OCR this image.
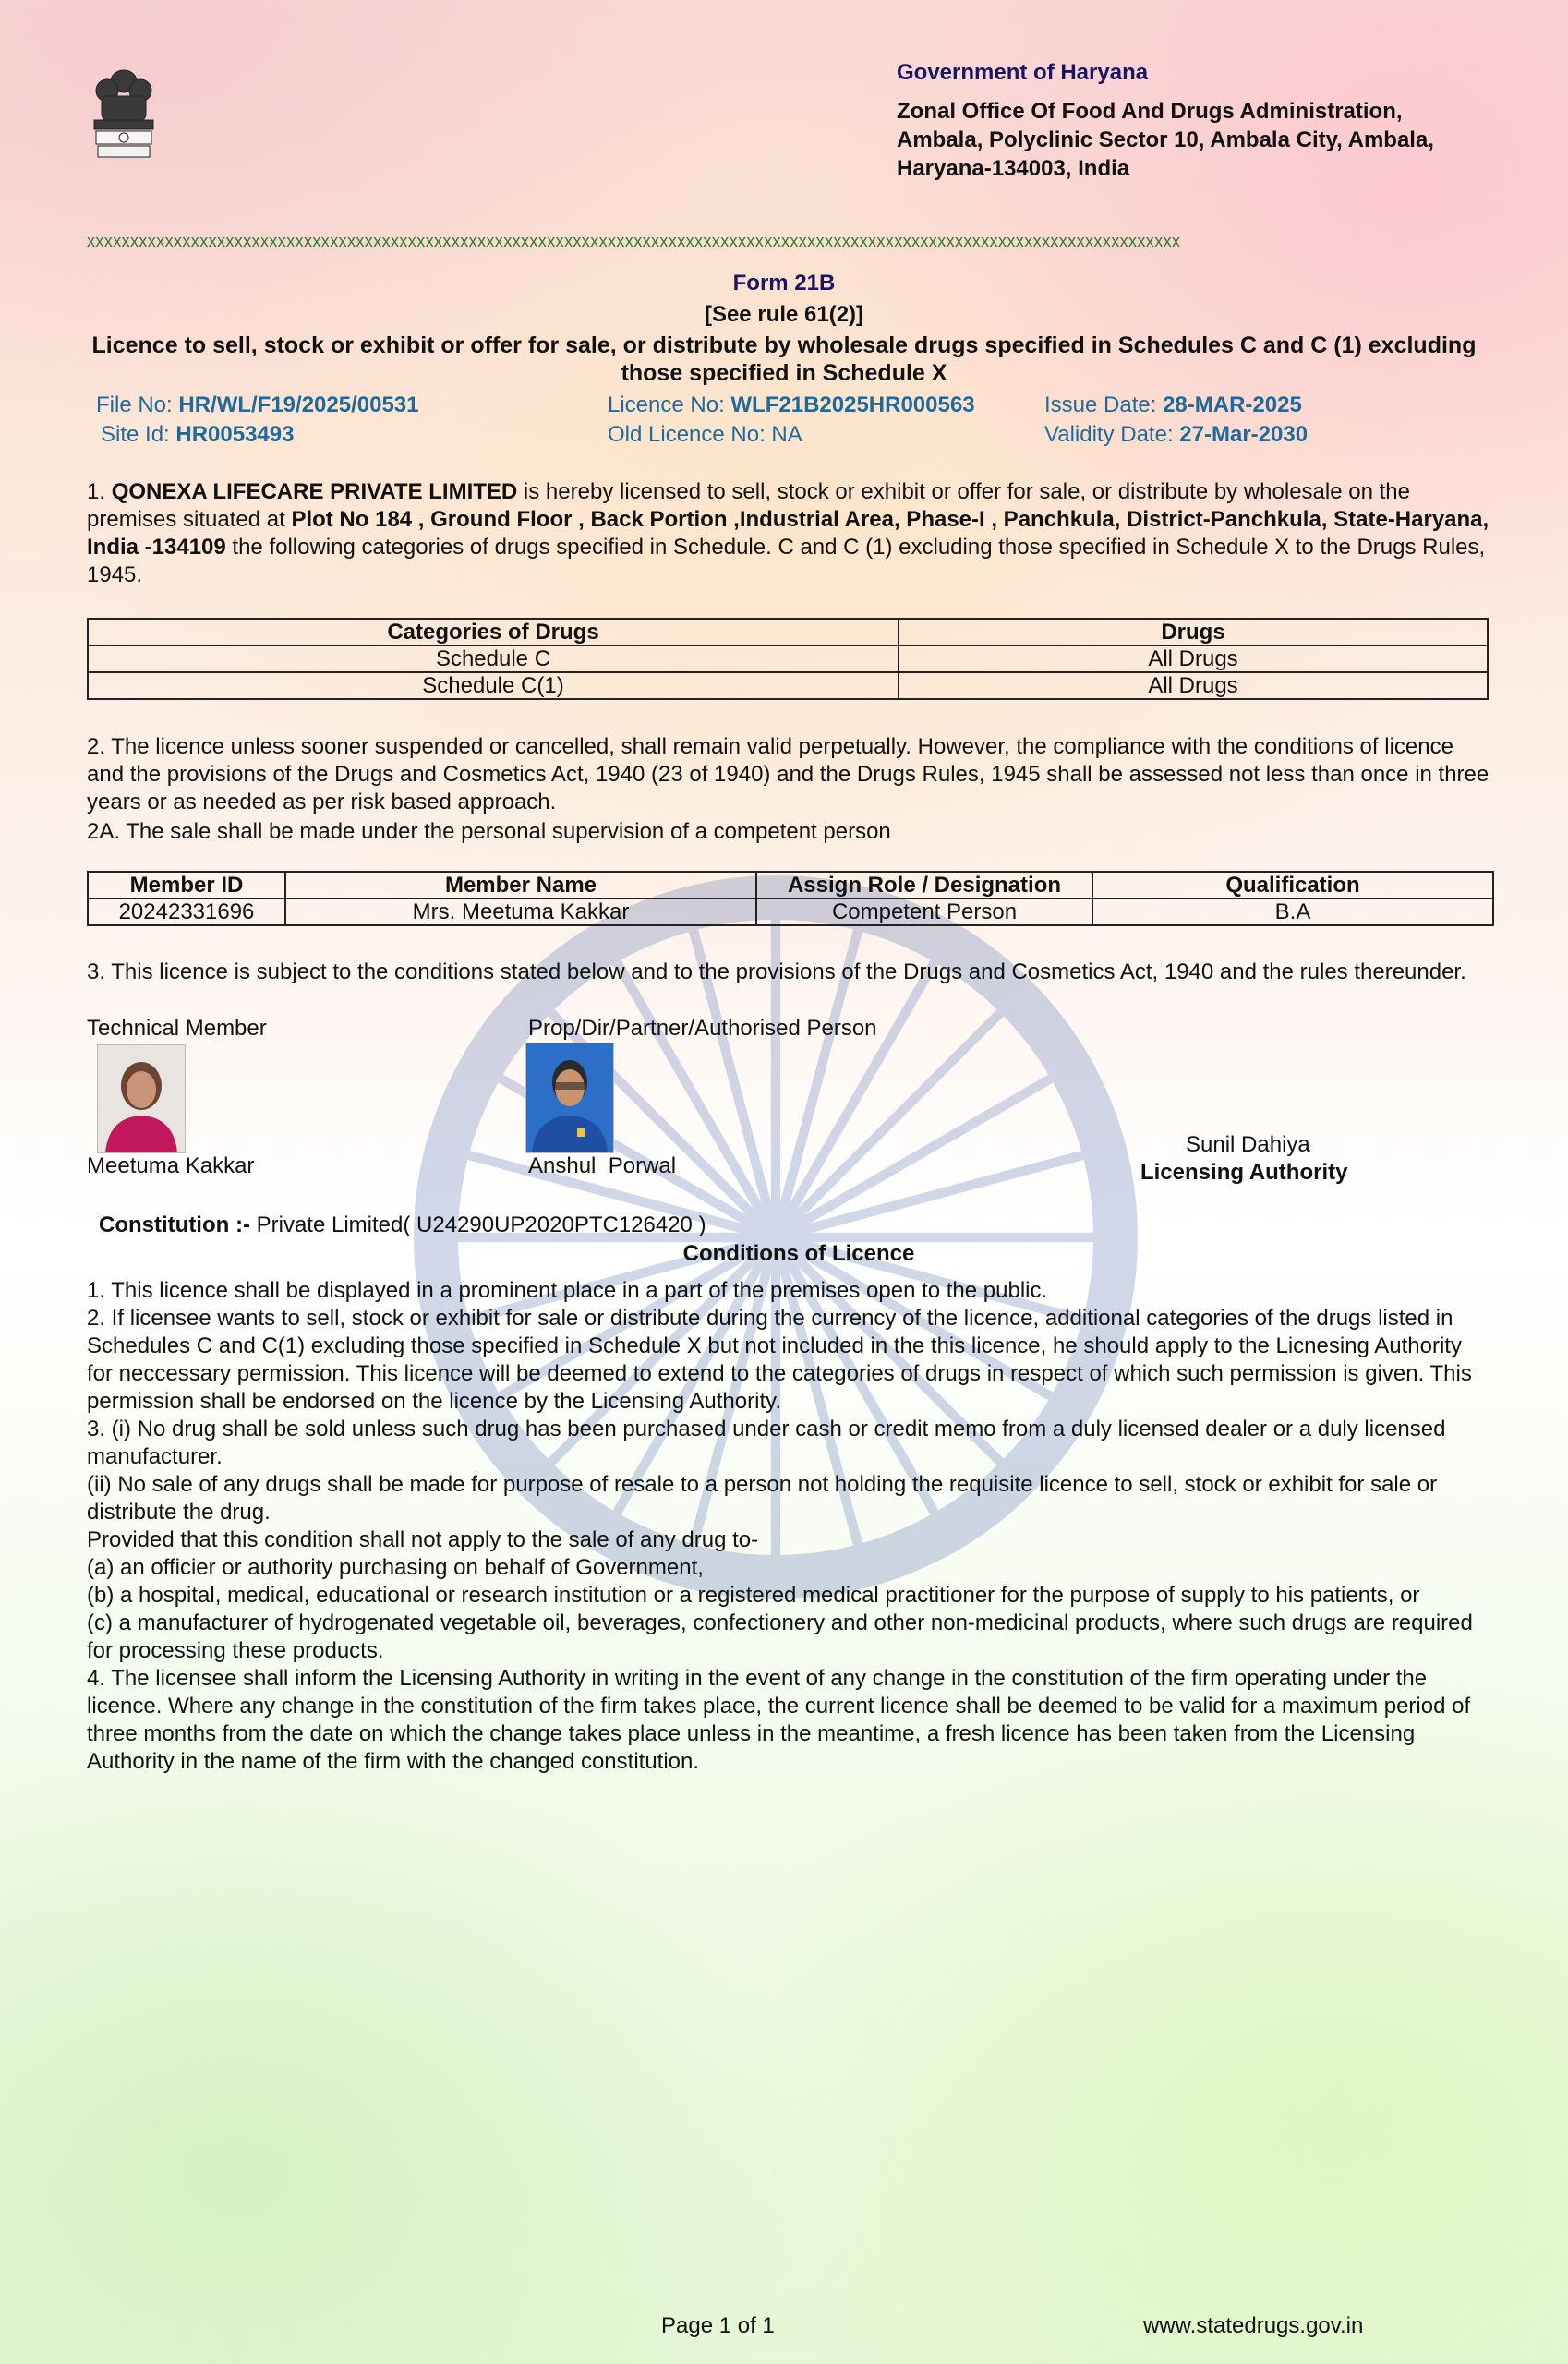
Government of Haryana
Zonal Office Of Food And Drugs Administration,
Ambala, Polyclinic Sector 10, Ambala City, Ambala,
Haryana-134003, India
xxxxxxxxxxxxxxxxxxxxxxxxxxxxxxxxxxxxxxxxxxxxxxxxxxxxxxxxxxxxxxxxxxxxxxxxxxxxxxxxxxxxxxxxxxxxxxxxxxxxxxxxxxxxxxxxxxxxxxxxxxxxxx
Form 21B
[See rule 61(2)]
Licence to sell, stock or exhibit or offer for sale, or distribute by wholesale drugs specified in Schedules C and C (1) excluding
those specified in Schedule X
File No: HR/WL/F19/2025/00531
Site Id: HR0053493
Licence No: WLF21B2025HR000563
Old Licence No: NA
Issue Date: 28-MAR-2025
Validity Date: 27-Mar-2030
1. QONEXA LIFECARE PRIVATE LIMITED is hereby licensed to sell, stock or exhibit or offer for sale, or distribute by wholesale on the premises situated at Plot No 184 , Ground Floor , Back Portion ,Industrial Area, Phase-I , Panchkula, District-Panchkula, State-Haryana, India -134109 the following categories of drugs specified in Schedule. C and C (1) excluding those specified in Schedule X to the Drugs Rules, 1945.
Categories of Drugs	Drugs
Schedule C	All Drugs
Schedule C(1)	All Drugs
2. The licence unless sooner suspended or cancelled, shall remain valid perpetually. However, the compliance with the conditions of licence and the provisions of the Drugs and Cosmetics Act, 1940 (23 of 1940) and the Drugs Rules, 1945 shall be assessed not less than once in three years or as needed as per risk based approach.
2A. The sale shall be made under the personal supervision of a competent person
Member ID	Member Name	Assign Role / Designation	Qualification
20242331696	Mrs. Meetuma Kakkar	Competent Person	B.A
3. This licence is subject to the conditions stated below and to the provisions of the Drugs and Cosmetics Act, 1940 and the rules thereunder.
Technical Member	Prop/Dir/Partner/Authorised Person
Meetuma Kakkar	Anshul  Porwal
Sunil Dahiya
Licensing Authority
Constitution :- Private Limited( U24290UP2020PTC126420 )
Conditions of Licence
1. This licence shall be displayed in a prominent place in a part of the premises open to the public.
2. If licensee wants to sell, stock or exhibit for sale or distribute during the currency of the licence, additional categories of the drugs listed in Schedules C and C(1) excluding those specified in Schedule X but not included in the this licence, he should apply to the Licnesing Authority for neccessary permission. This licence will be deemed to extend to the categories of drugs in respect of which such permission is given. This permission shall be endorsed on the licence by the Licensing Authority.
3. (i) No drug shall be sold unless such drug has been purchased under cash or credit memo from a duly licensed dealer or a duly licensed manufacturer.
(ii) No sale of any drugs shall be made for purpose of resale to a person not holding the requisite licence to sell, stock or exhibit for sale or distribute the drug.
Provided that this condition shall not apply to the sale of any drug to-
(a) an officier or authority purchasing on behalf of Government,
(b) a hospital, medical, educational or research institution or a registered medical practitioner for the purpose of supply to his patients, or
(c) a manufacturer of hydrogenated vegetable oil, beverages, confectionery and other non-medicinal products, where such drugs are required for processing these products.
4. The licensee shall inform the Licensing Authority in writing in the event of any change in the constitution of the firm operating under the licence. Where any change in the constitution of the firm takes place, the current licence shall be deemed to be valid for a maximum period of three months from the date on which the change takes place unless in the meantime, a fresh licence has been taken from the Licensing Authority in the name of the firm with the changed constitution.
Page 1 of 1	www.statedrugs.gov.in
